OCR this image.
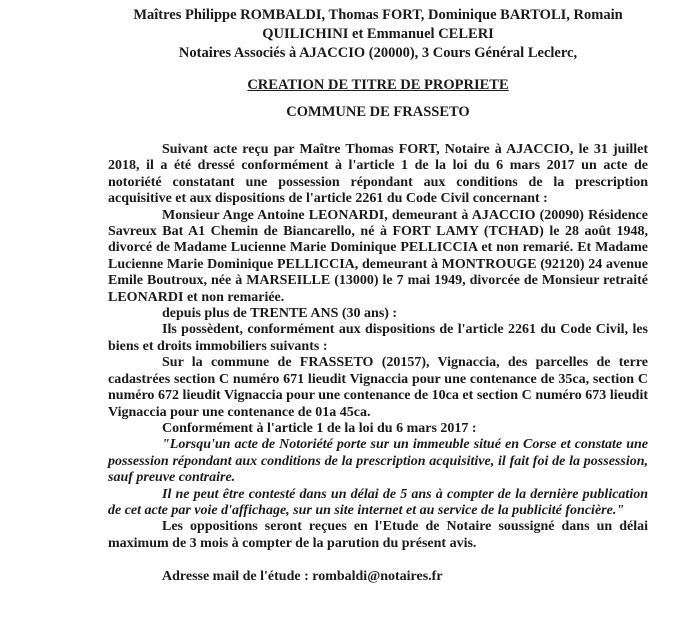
Maîtres Philippe ROMBALDI, Thomas FORT, Dominique BARTOLI, Romain
QUILICHINI et Emmanuel CELERI
Notaires Associés à AJACCIO (20000), 3 Cours Général Leclerc,
CREATION DE TITRE DE PROPRIETE
COMMUNE DE FRASSETO

Suivant acte reçu par Maître Thomas FORT, Notaire à AJACCIO, le 31 juillet 2018, il a été dressé conformément à l'article 1 de la loi du 6 mars 2017 un acte de notoriété constatant une possession répondant aux conditions de la prescription acquisitive et aux dispositions de l'article 2261 du Code Civil concernant :

Monsieur Ange Antoine LEONARDI, demeurant à AJACCIO (20090) Résidence Savreux Bat A1 Chemin de Biancarello, né à FORT LAMY (TCHAD) le 28 août 1948, divorcé de Madame Lucienne Marie Dominique PELLICCIA et non remarié. Et Madame Lucienne Marie Dominique PELLICCIA, demeurant à MONTROUGE (92120) 24 avenue Emile Boutroux, née à MARSEILLE (13000) le 7 mai 1949, divorcée de Monsieur retraité LEONARDI et non remariée.

depuis plus de TRENTE ANS (30 ans) :

Ils possèdent, conformément aux dispositions de l'article 2261 du Code Civil, les biens et droits immobiliers suivants :

Sur la commune de FRASSETO (20157), Vignaccia, des parcelles de terre cadastrées section C numéro 671 lieudit Vignaccia pour une contenance de 35ca, section C numéro 672 lieudit Vignaccia pour une contenance de 10ca et section C numéro 673 lieudit Vignaccia pour une contenance de 01a 45ca.

Conformément à l'article 1 de la loi du 6 mars 2017 :

"Lorsqu'un acte de Notoriété porte sur un immeuble situé en Corse et constate une possession répondant aux conditions de la prescription acquisitive, il fait foi de la possession, sauf preuve contraire.

Il ne peut être contesté dans un délai de 5 ans à compter de la dernière publication de cet acte par voie d'affichage, sur un site internet et au service de la publicité foncière."

Les oppositions seront reçues en l'Etude de Notaire soussigné dans un délai maximum de 3 mois à compter de la parution du présent avis.

Adresse mail de l'étude : rombaldi@notaires.fr
